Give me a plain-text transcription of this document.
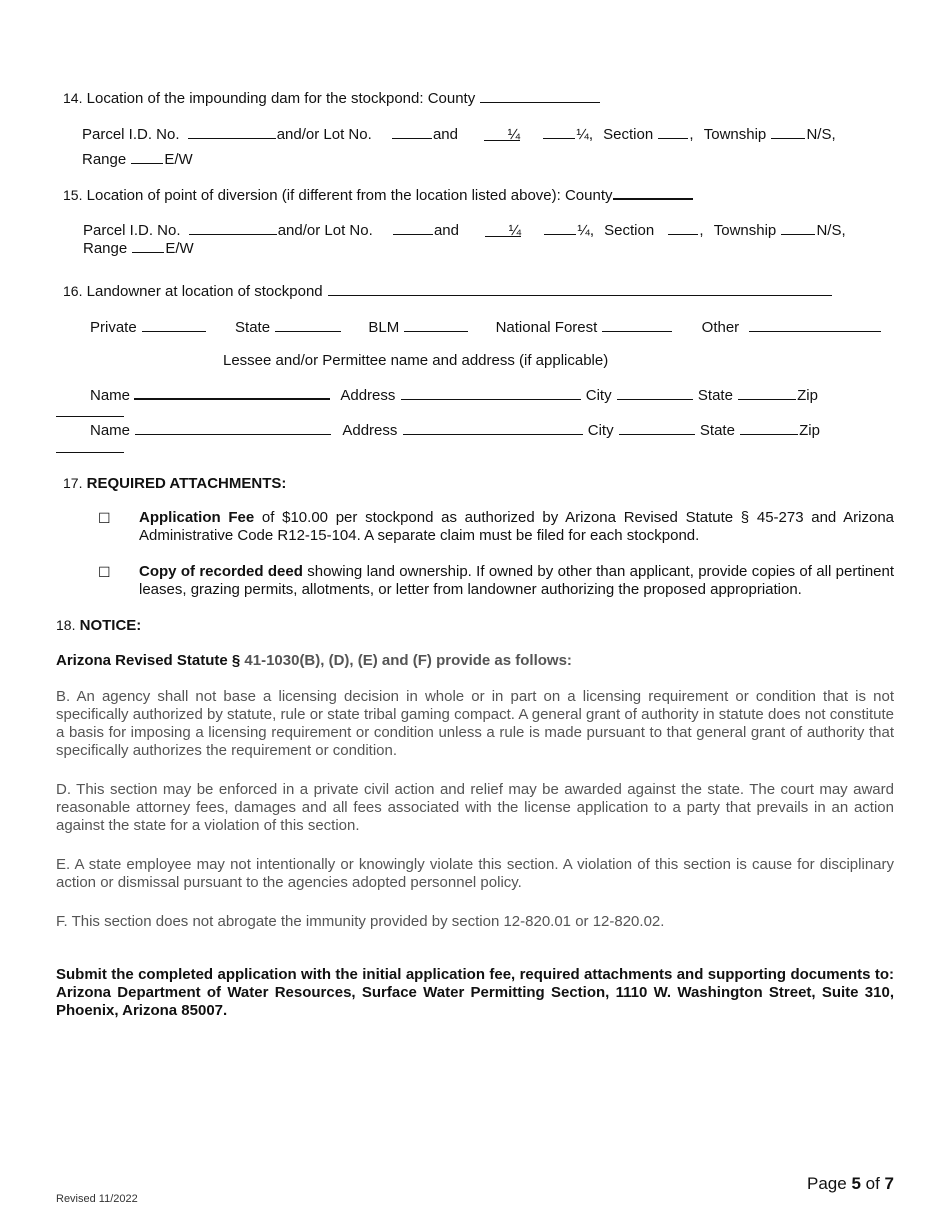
14. Location of the impounding dam for the stockpond: County
Parcel I.D. No.	and/or Lot No.	and	¼	¼, Section , Township	N/S,
Range	E/W
15. Location of point of diversion (if different from the location listed above): County
Parcel I.D. No.	and/or Lot No.	and	¼	¼, Section	, Township	N/S,
Range	E/W
16. Landowner at location of stockpond
Private	State	BLM	National Forest	Other
Lessee and/or Permittee name and address (if applicable)
Name	Address	City	State	Zip
Name	Address	City	State	Zip
17. REQUIRED ATTACHMENTS:
☐ Application Fee of $10.00 per stockpond as authorized by Arizona Revised Statute § 45-273 and Arizona Administrative Code R12-15-104. A separate claim must be filed for each stockpond.
☐ Copy of recorded deed showing land ownership. If owned by other than applicant, provide copies of all pertinent leases, grazing permits, allotments, or letter from landowner authorizing the proposed appropriation.
18. NOTICE:
Arizona Revised Statute § 41-1030(B), (D), (E) and (F) provide as follows:
B. An agency shall not base a licensing decision in whole or in part on a licensing requirement or condition that is not specifically authorized by statute, rule or state tribal gaming compact. A general grant of authority in statute does not constitute a basis for imposing a licensing requirement or condition unless a rule is made pursuant to that general grant of authority that specifically authorizes the requirement or condition.
D. This section may be enforced in a private civil action and relief may be awarded against the state. The court may award reasonable attorney fees, damages and all fees associated with the license application to a party that prevails in an action against the state for a violation of this section.
E. A state employee may not intentionally or knowingly violate this section. A violation of this section is cause for disciplinary action or dismissal pursuant to the agencies adopted personnel policy.
F. This section does not abrogate the immunity provided by section 12-820.01 or 12-820.02.
Submit the completed application with the initial application fee, required attachments and supporting documents to: Arizona Department of Water Resources, Surface Water Permitting Section, 1110 W. Washington Street, Suite 310, Phoenix, Arizona 85007.
Page 5 of 7
Revised 11/2022
